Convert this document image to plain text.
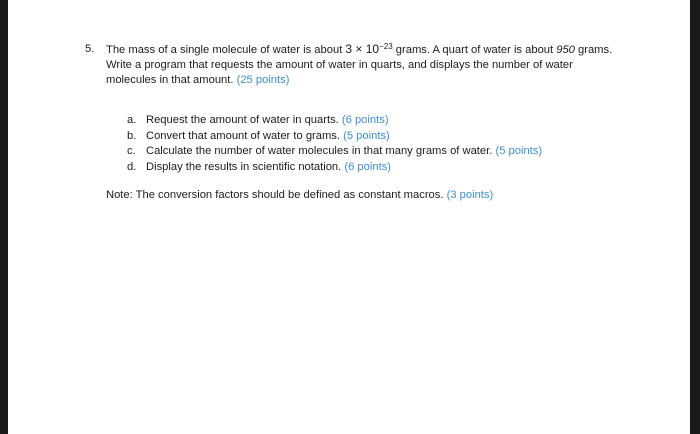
5. The mass of a single molecule of water is about $3 \times 10^{-23}$ grams. A quart of water is about 950 grams. Write a program that requests the amount of water in quarts, and displays the number of water molecules in that amount. (25 points)
a. Request the amount of water in quarts. (6 points)
b. Convert that amount of water to grams. (5 points)
c. Calculate the number of water molecules in that many grams of water. (5 points)
d. Display the results in scientific notation. (6 points)
Note: The conversion factors should be defined as constant macros. (3 points)
